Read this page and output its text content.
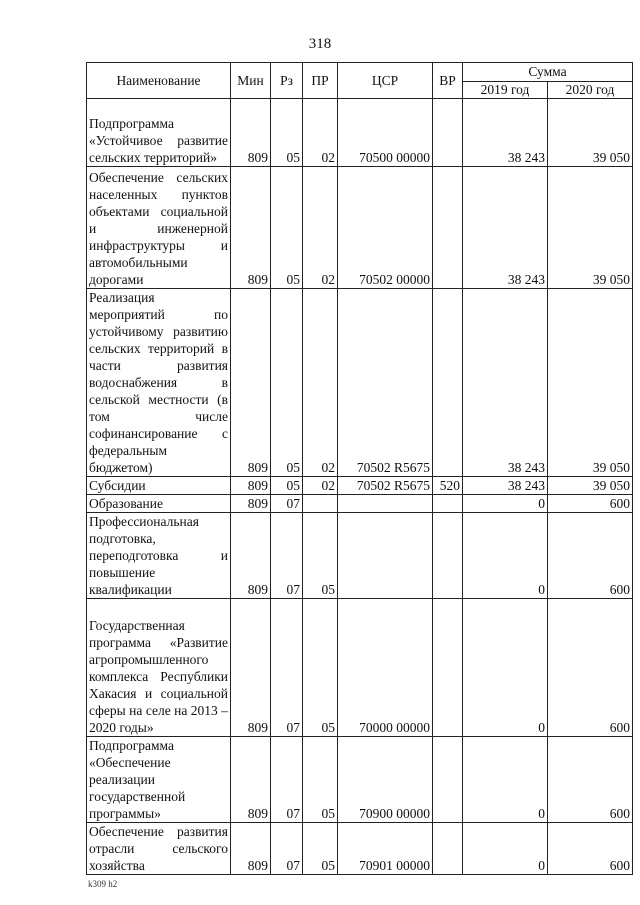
318
Наименование	Мин	Рз	ПР	ЦСР	ВР	Сумма	
						2019 год	2020 год
Подпрограмма «Устойчивое развитие сельских территорий»	809	05	02	70500 00000		38 243	39 050
Обеспечение сельских населенных пунктов объектами социальной и инженерной инфраструктуры и автомобильными дорогами	809	05	02	70502 00000		38 243	39 050
Реализация мероприятий по устойчивому развитию сельских территорий в части развития водоснабжения в сельской местности (в том числе софинансирование с федеральным бюджетом)	809	05	02	70502 R5675		38 243	39 050
Субсидии	809	05	02	70502 R5675	520	38 243	39 050
Образование	809	07				0	600
Профессиональная подготовка, переподготовка и повышение квалификации	809	07	05			0	600
Государственная программа «Развитие агропромышленного комплекса Республики Хакасия и социальной сферы на селе на 2013 – 2020 годы»	809	07	05	70000 00000		0	600
Подпрограмма «Обеспечение реализации государственной программы»	809	07	05	70900 00000		0	600
Обеспечение развития отрасли сельского хозяйства	809	07	05	70901 00000		0	600
k309 h2
